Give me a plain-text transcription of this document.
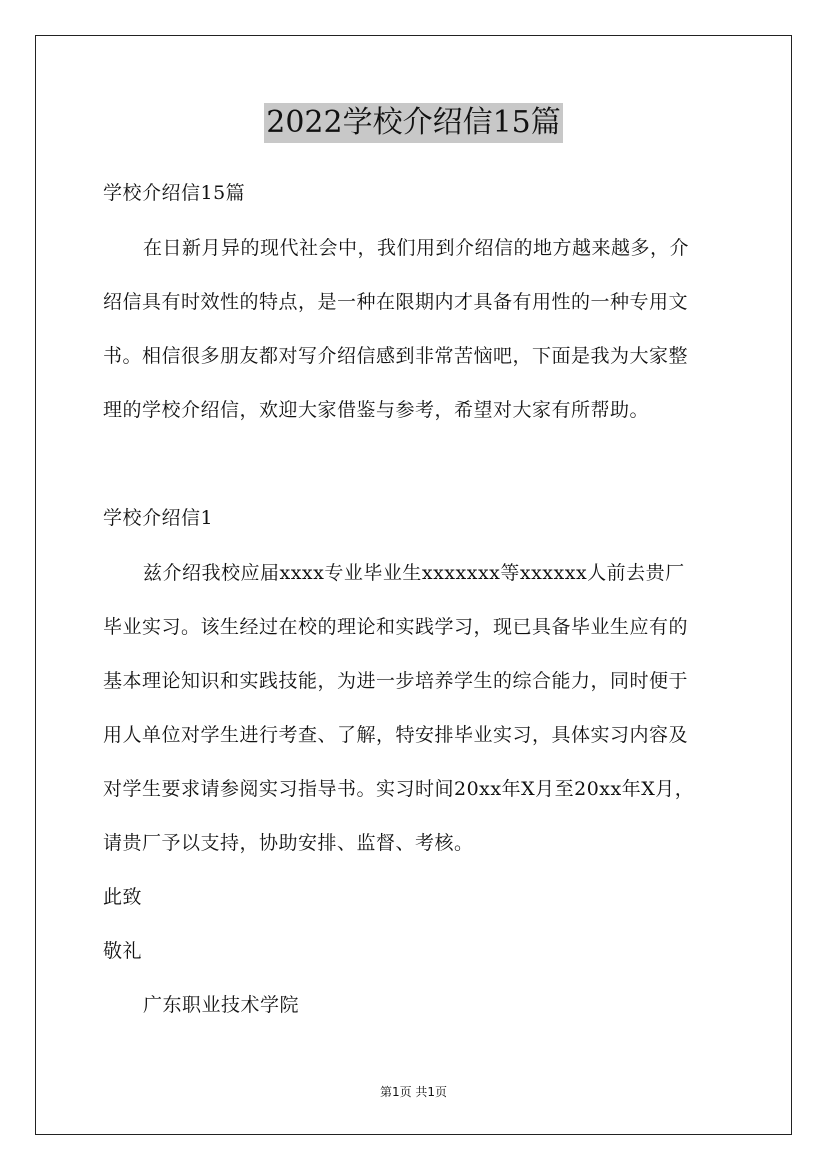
2022学校介绍信15篇
学校介绍信15篇
在日新月异的现代社会中，我们用到介绍信的地方越来越多，介
绍信具有时效性的特点，是一种在限期内才具备有用性的一种专用文
书。相信很多朋友都对写介绍信感到非常苦恼吧，下面是我为大家整
理的学校介绍信，欢迎大家借鉴与参考，希望对大家有所帮助。
学校介绍信1
兹介绍我校应届xxxx专业毕业生xxxxxxx等xxxxxx人前去贵厂
毕业实习。该生经过在校的理论和实践学习，现已具备毕业生应有的
基本理论知识和实践技能，为进一步培养学生的综合能力，同时便于
用人单位对学生进行考查、了解，特安排毕业实习，具体实习内容及
对学生要求请参阅实习指导书。实习时间20xx年X月至20xx年X月，
请贵厂予以支持，协助安排、监督、考核。
此致
敬礼
广东职业技术学院
第1页 共1页
